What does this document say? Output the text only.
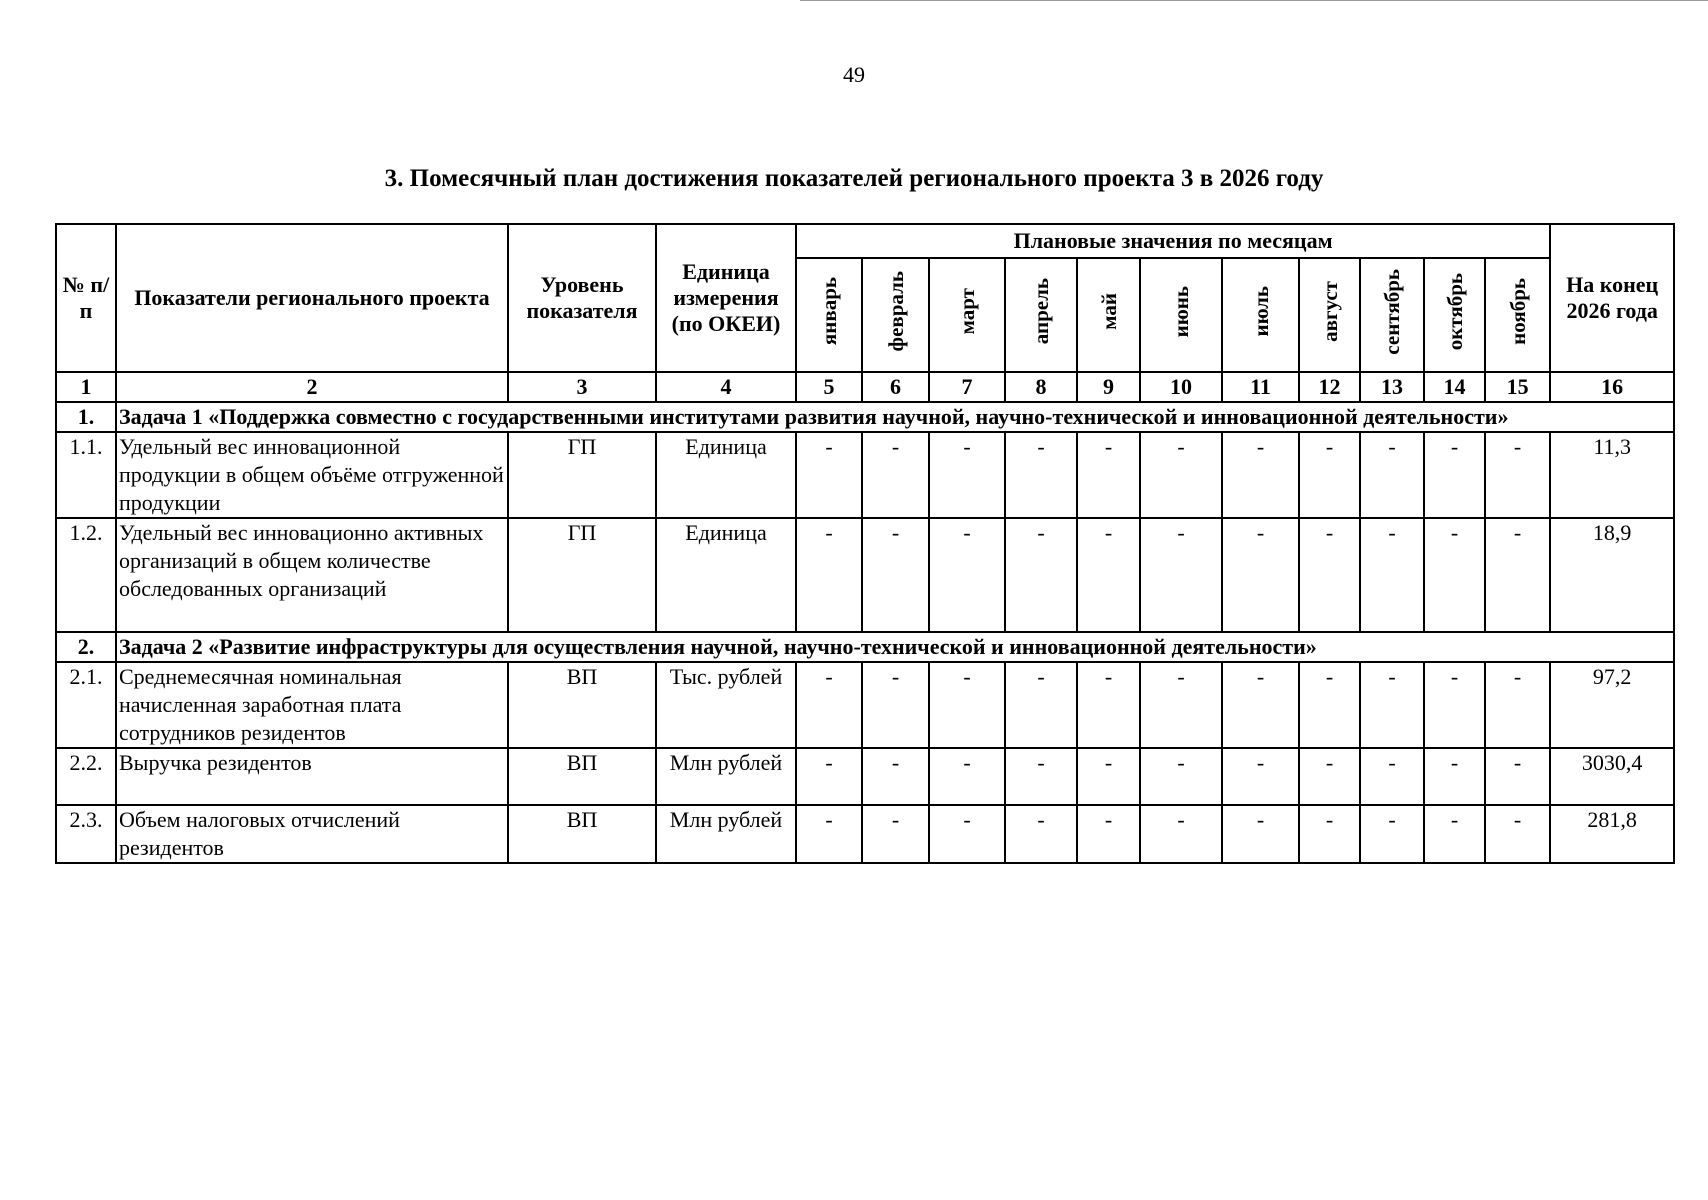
49
3. Помесячный план достижения показателей регионального проекта 3 в 2026 году
№ п/п	Показатели регионального проекта	Уровень показателя	Единица измерения (по ОКЕИ)	Плановые значения по месяцам											На конец 2026 года
				январь	февраль	март	апрель	май	июнь	июль	август	сентябрь	октябрь	ноябрь	
1	2	3	4	5	6	7	8	9	10	11	12	13	14	15	16
1.	Задача 1 «Поддержка совместно с государственными институтами развития научной, научно-технической и инновационной деятельности»														
1.1.	Удельный вес инновационной продукции в общем объёме отгруженной продукции	ГП	Единица	-	-	-	-	-	-	-	-	-	-	-	11,3
1.2.	Удельный вес инновационно активных организаций в общем количестве обследованных организаций	ГП	Единица	-	-	-	-	-	-	-	-	-	-	-	18,9
2.	Задача 2 «Развитие инфраструктуры для осуществления научной, научно-технической и инновационной деятельности»														
2.1.	Среднемесячная номинальная начисленная заработная плата сотрудников резидентов	ВП	Тыс. рублей	-	-	-	-	-	-	-	-	-	-	-	97,2
2.2.	Выручка резидентов	ВП	Млн рублей	-	-	-	-	-	-	-	-	-	-	-	3030,4
2.3.	Объем налоговых отчислений резидентов	ВП	Млн рублей	-	-	-	-	-	-	-	-	-	-	-	281,8
